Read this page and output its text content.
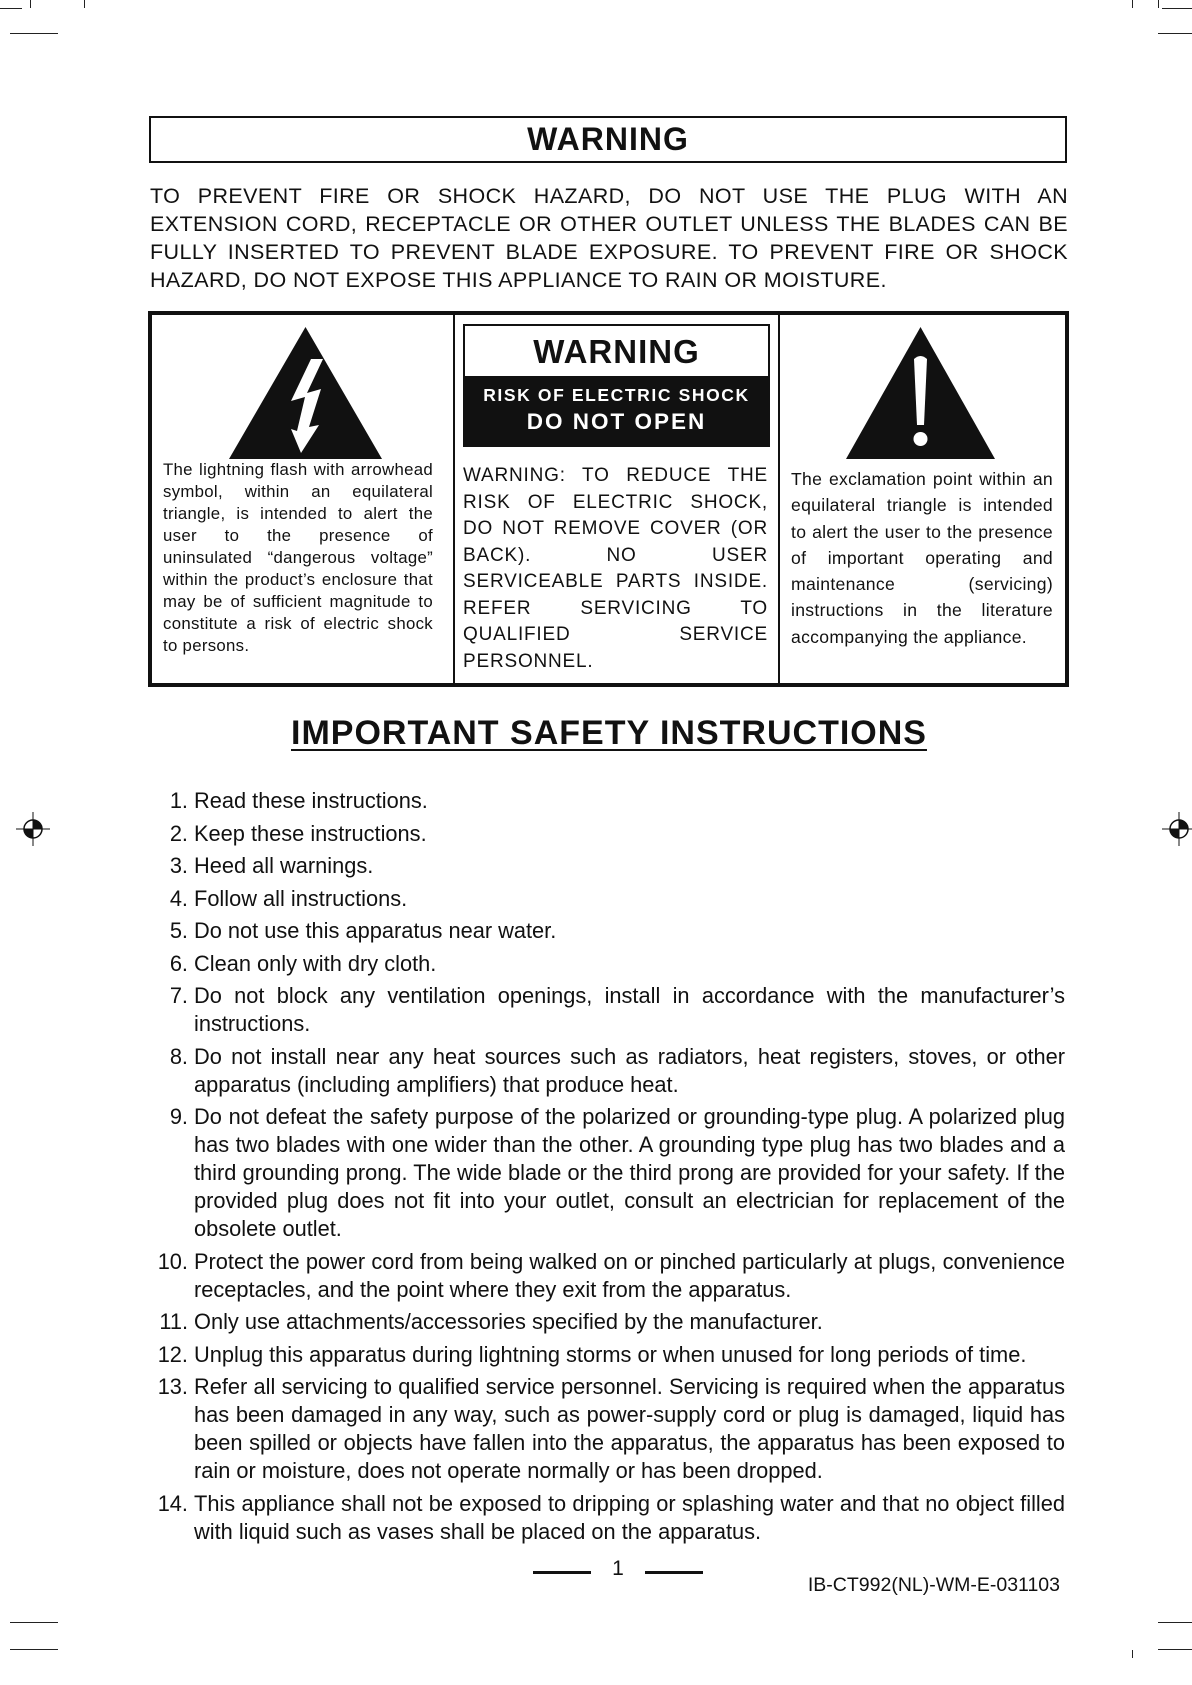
WARNING
TO PREVENT FIRE OR SHOCK HAZARD, DO NOT USE THE PLUG WITH AN EXTENSION CORD, RECEPTACLE OR OTHER OUTLET UNLESS THE BLADES CAN BE FULLY INSERTED TO PREVENT BLADE EXPOSURE. TO PREVENT FIRE OR SHOCK HAZARD, DO NOT EXPOSE THIS APPLIANCE TO RAIN OR MOISTURE.
The lightning flash with arrowhead symbol, within an equilateral triangle, is intended to alert the user to the presence of uninsulated “dangerous voltage” within the product’s enclosure that may be of sufficient magnitude to constitute a risk of electric shock to persons.
WARNING
RISK OF ELECTRIC SHOCK
DO NOT OPEN
WARNING: TO REDUCE THE RISK OF ELECTRIC SHOCK, DO NOT REMOVE COVER (OR BACK). NO USER SERVICEABLE PARTS INSIDE. REFER SERVICING TO QUALIFIED SERVICE PERSONNEL.
The exclamation point within an equilateral triangle is intended to alert the user to the presence of important operating and maintenance (servicing) instructions in the literature accompanying the appliance.
IMPORTANT SAFETY INSTRUCTIONS
1. Read these instructions.
2. Keep these instructions.
3. Heed all warnings.
4. Follow all instructions.
5. Do not use this apparatus near water.
6. Clean only with dry cloth.
7. Do not block any ventilation openings, install in accordance with the manufacturer’s instructions.
8. Do not install near any heat sources such as radiators, heat registers, stoves, or other apparatus (including amplifiers) that produce heat.
9. Do not defeat the safety purpose of the polarized or grounding-type plug. A polarized plug has two blades with one wider than the other. A grounding type plug has two blades and a third grounding prong. The wide blade or the third prong are provided for your safety. If the provided plug does not fit into your outlet, consult an electrician for replacement of the obsolete outlet.
10. Protect the power cord from being walked on or pinched particularly at plugs, convenience receptacles, and the point where they exit from the apparatus.
11. Only use attachments/accessories specified by the manufacturer.
12. Unplug this apparatus during lightning storms or when unused for long periods of time.
13. Refer all servicing to qualified service personnel. Servicing is required when the apparatus has been damaged in any way, such as power-supply cord or plug is damaged, liquid has been spilled or objects have fallen into the apparatus, the apparatus has been exposed to rain or moisture, does not operate normally or has been dropped.
14. This appliance shall not be exposed to dripping or splashing water and that no object filled with liquid such as vases shall be placed on the apparatus.
1
IB-CT992(NL)-WM-E-031103
